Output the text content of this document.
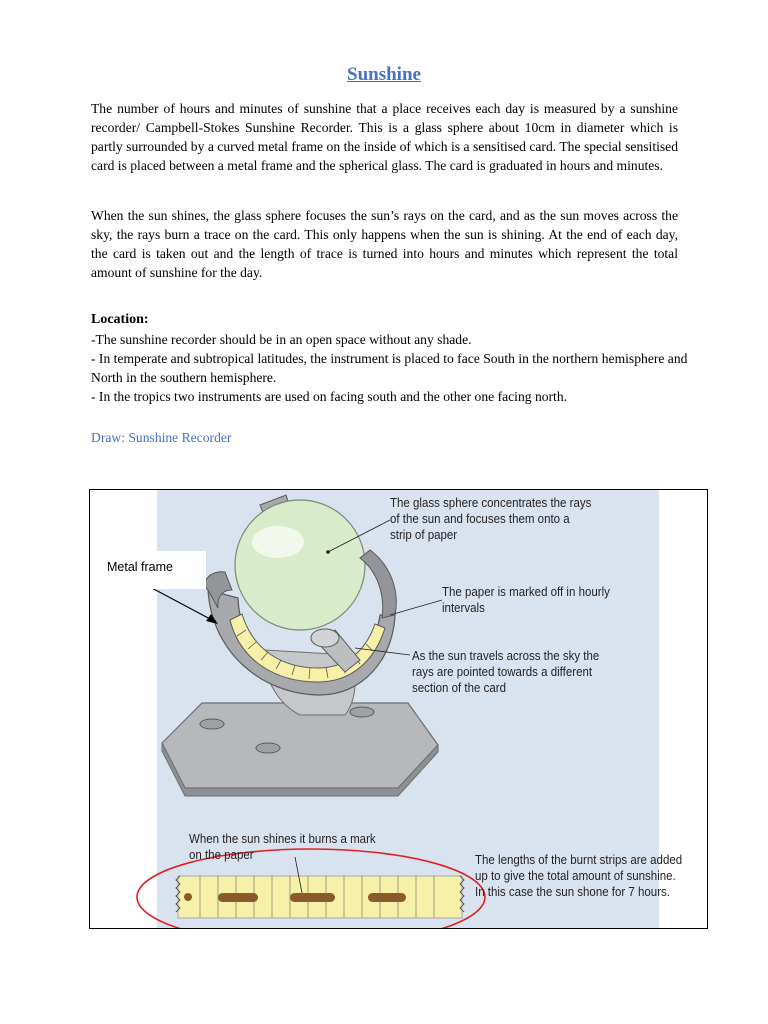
Sunshine

The number of hours and minutes of sunshine that a place receives each day is measured by a sunshine recorder/ Campbell-Stokes Sunshine Recorder. This is a glass sphere about 10cm in diameter which is partly surrounded by a curved metal frame on the inside of which is a sensitised card. The special sensitised card is placed between a metal frame and the spherical glass. The card is graduated in hours and minutes.

When the sun shines, the glass sphere focuses the sun’s rays on the card, and as the sun moves across the sky, the rays burn a trace on the card. This only happens when the sun is shining. At the end of each day, the card is taken out and the length of trace is turned into hours and minutes which represent the total amount of sunshine for the day.

Location:
-The sunshine recorder should be in an open space without any shade.
- In temperate and subtropical latitudes, the instrument is placed to face South in the northern hemisphere and North in the southern hemisphere.
- In the tropics two instruments are used on facing south and the other one facing north.
Draw: Sunshine Recorder
Metal frame

The glass sphere concentrates the rays of the sun and focuses them onto a strip of paper

The paper is marked off in hourly intervals

As the sun travels across the sky the rays are pointed towards a different section of the card

When the sun shines it burns a mark on the paper	The lengths of the burnt strips are added up to give the total amount of sunshine. In this case the sun shone for 7 hours.
